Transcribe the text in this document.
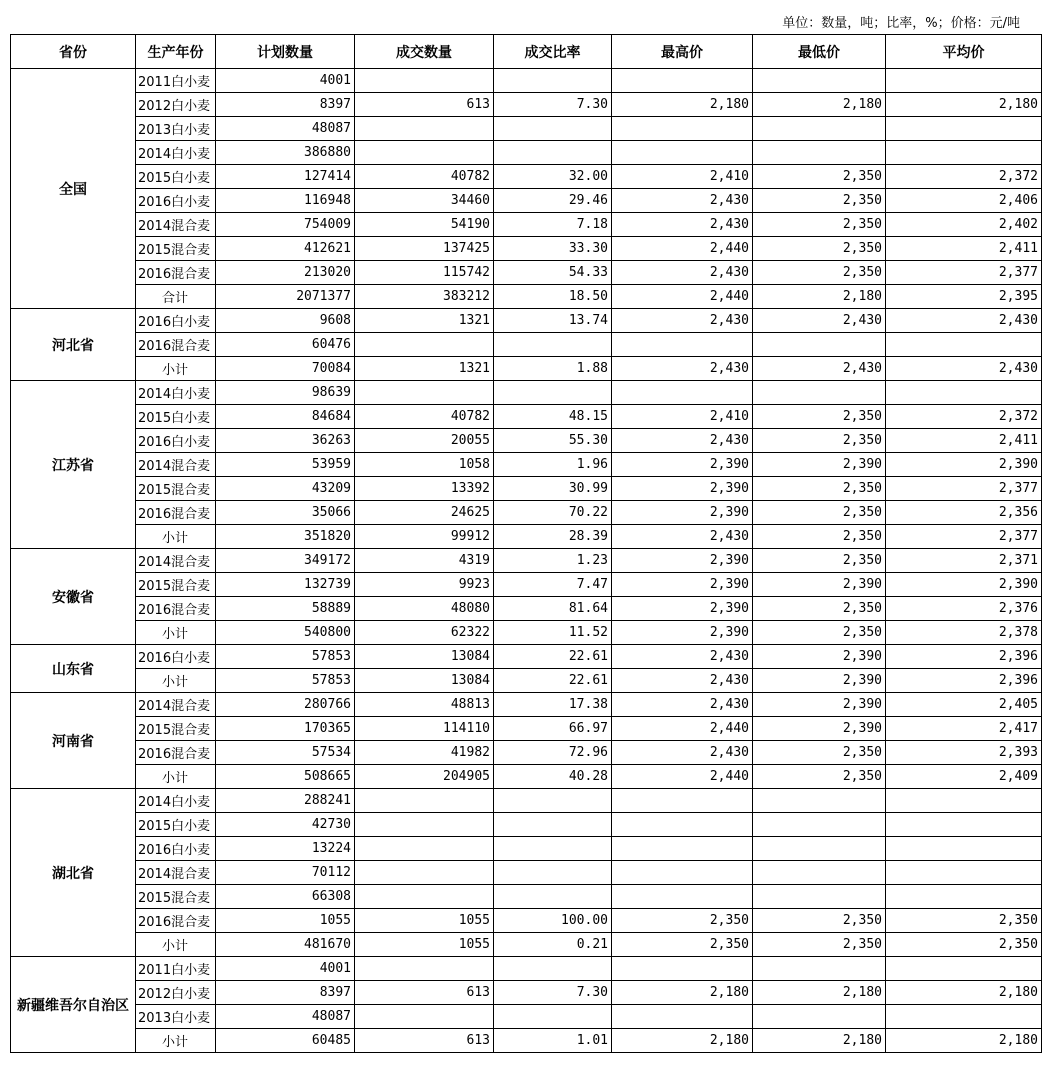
单位：数量，吨；比率，%；价格：元/吨
省份	生产年份	计划数量	成交数量	成交比率	最高价	最低价	平均价
全国	2011白小麦	4001					
	2012白小麦	8397	613	7.30	2,180	2,180	2,180
	2013白小麦	48087					
	2014白小麦	386880					
	2015白小麦	127414	40782	32.00	2,410	2,350	2,372
	2016白小麦	116948	34460	29.46	2,430	2,350	2,406
	2014混合麦	754009	54190	7.18	2,430	2,350	2,402
	2015混合麦	412621	137425	33.30	2,440	2,350	2,411
	2016混合麦	213020	115742	54.33	2,430	2,350	2,377
	合计	2071377	383212	18.50	2,440	2,180	2,395
河北省	2016白小麦	9608	1321	13.74	2,430	2,430	2,430
	2016混合麦	60476					
	小计	70084	1321	1.88	2,430	2,430	2,430
江苏省	2014白小麦	98639					
	2015白小麦	84684	40782	48.15	2,410	2,350	2,372
	2016白小麦	36263	20055	55.30	2,430	2,350	2,411
	2014混合麦	53959	1058	1.96	2,390	2,390	2,390
	2015混合麦	43209	13392	30.99	2,390	2,350	2,377
	2016混合麦	35066	24625	70.22	2,390	2,350	2,356
	小计	351820	99912	28.39	2,430	2,350	2,377
安徽省	2014混合麦	349172	4319	1.23	2,390	2,350	2,371
	2015混合麦	132739	9923	7.47	2,390	2,390	2,390
	2016混合麦	58889	48080	81.64	2,390	2,350	2,376
	小计	540800	62322	11.52	2,390	2,350	2,378
山东省	2016白小麦	57853	13084	22.61	2,430	2,390	2,396
	小计	57853	13084	22.61	2,430	2,390	2,396
河南省	2014混合麦	280766	48813	17.38	2,430	2,390	2,405
	2015混合麦	170365	114110	66.97	2,440	2,390	2,417
	2016混合麦	57534	41982	72.96	2,430	2,350	2,393
	小计	508665	204905	40.28	2,440	2,350	2,409
湖北省	2014白小麦	288241					
	2015白小麦	42730					
	2016白小麦	13224					
	2014混合麦	70112					
	2015混合麦	66308					
	2016混合麦	1055	1055	100.00	2,350	2,350	2,350
	小计	481670	1055	0.21	2,350	2,350	2,350
新疆维吾尔自治区	2011白小麦	4001					
	2012白小麦	8397	613	7.30	2,180	2,180	2,180
	2013白小麦	48087					
	小计	60485	613	1.01	2,180	2,180	2,180
